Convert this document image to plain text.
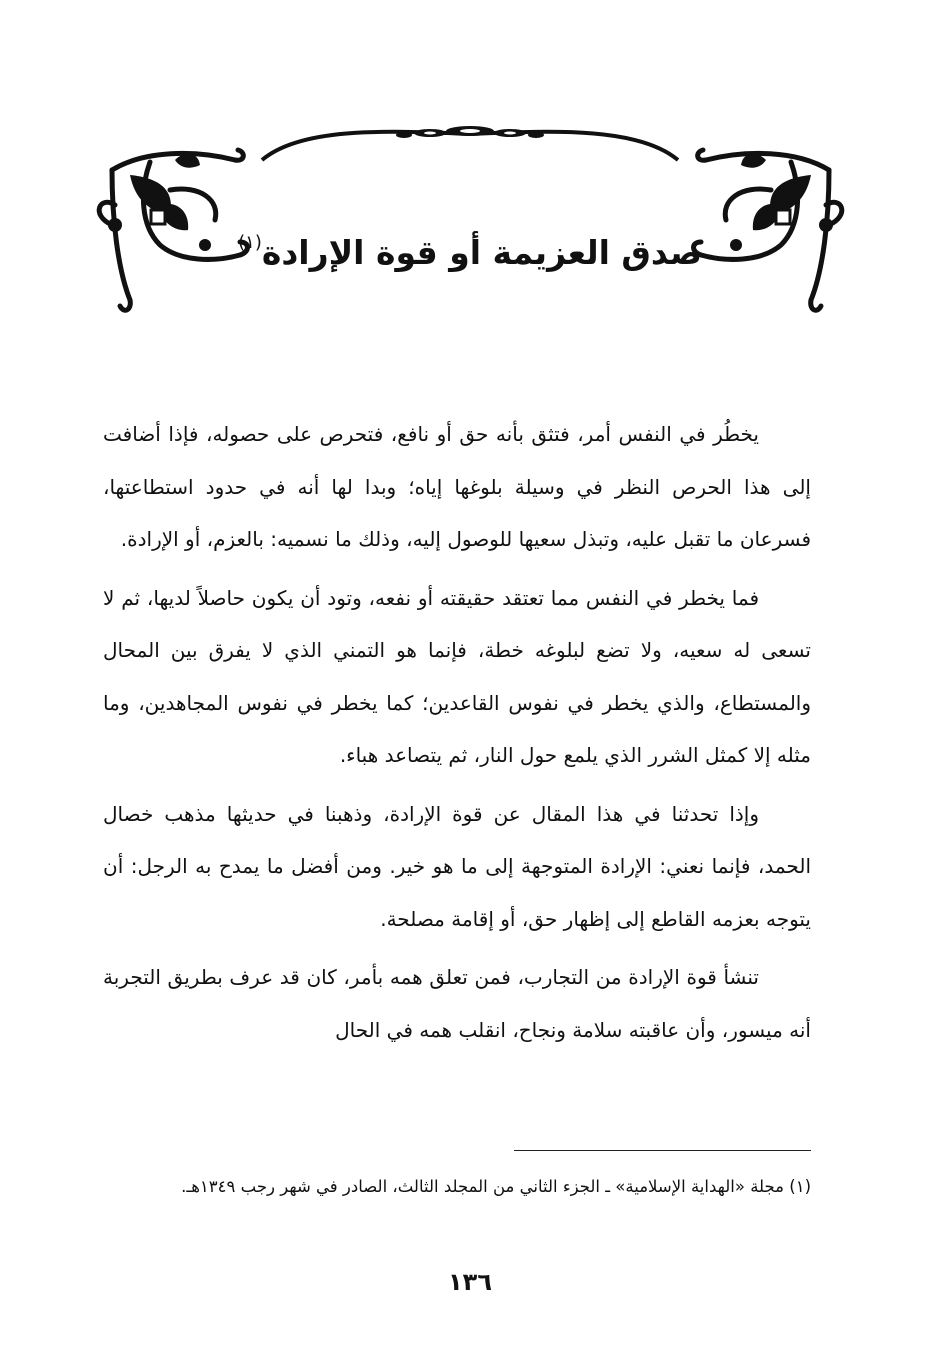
صدق العزيمة أو قوة الإرادة$^{(١)}$

يخطُر في النفس أمر، فتثق بأنه حق أو نافع، فتحرص على حصوله، فإذا أضافت إلى هذا الحرص النظر في وسيلة بلوغها إياه؛ وبدا لها أنه في حدود استطاعتها، فسرعان ما تقبل عليه، وتبذل سعيها للوصول إليه، وذلك ما نسميه: بالعزم، أو الإرادة.

فما يخطر في النفس مما تعتقد حقيقته أو نفعه، وتود أن يكون حاصلاً لديها، ثم لا تسعى له سعيه، ولا تضع لبلوغه خطة، فإنما هو التمني الذي لا يفرق بين المحال والمستطاع، والذي يخطر في نفوس القاعدين؛ كما يخطر في نفوس المجاهدين، وما مثله إلا كمثل الشرر الذي يلمع حول النار، ثم يتصاعد هباء.

وإذا تحدثنا في هذا المقال عن قوة الإرادة، وذهبنا في حديثها مذهب خصال الحمد، فإنما نعني: الإرادة المتوجهة إلى ما هو خير. ومن أفضل ما يمدح به الرجل: أن يتوجه بعزمه القاطع إلى إظهار حق، أو إقامة مصلحة.

تنشأ قوة الإرادة من التجارب، فمن تعلق همه بأمر، كان قد عرف بطريق التجربة أنه ميسور، وأن عاقبته سلامة ونجاح، انقلب همه في الحال

(١) مجلة «الهداية الإسلامية» ـ الجزء الثاني من المجلد الثالث، الصادر في شهر رجب ١٣٤٩هـ.
١٣٦
